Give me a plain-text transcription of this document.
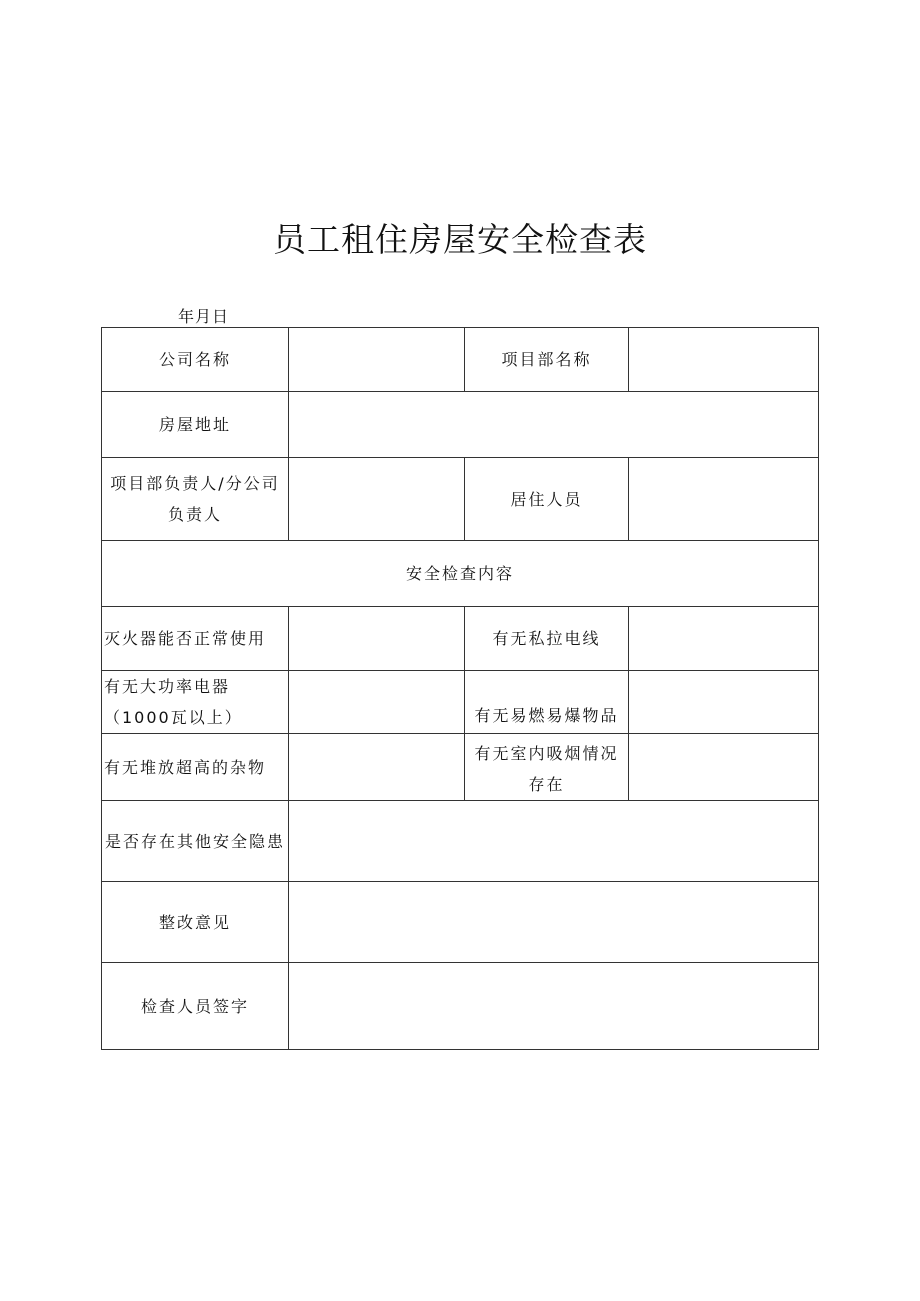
员工租住房屋安全检查表
年月日
公司名称		项目部名称	
房屋地址			
项目部负责人/分公司负责人		居住人员	
安全检查内容			
灭火器能否正常使用		有无私拉电线	
有无大功率电器（1000瓦以上）		有无易燃易爆物品	
有无堆放超高的杂物		有无室内吸烟情况存在	
是否存在其他安全隐患			
整改意见			
检查人员签字			
